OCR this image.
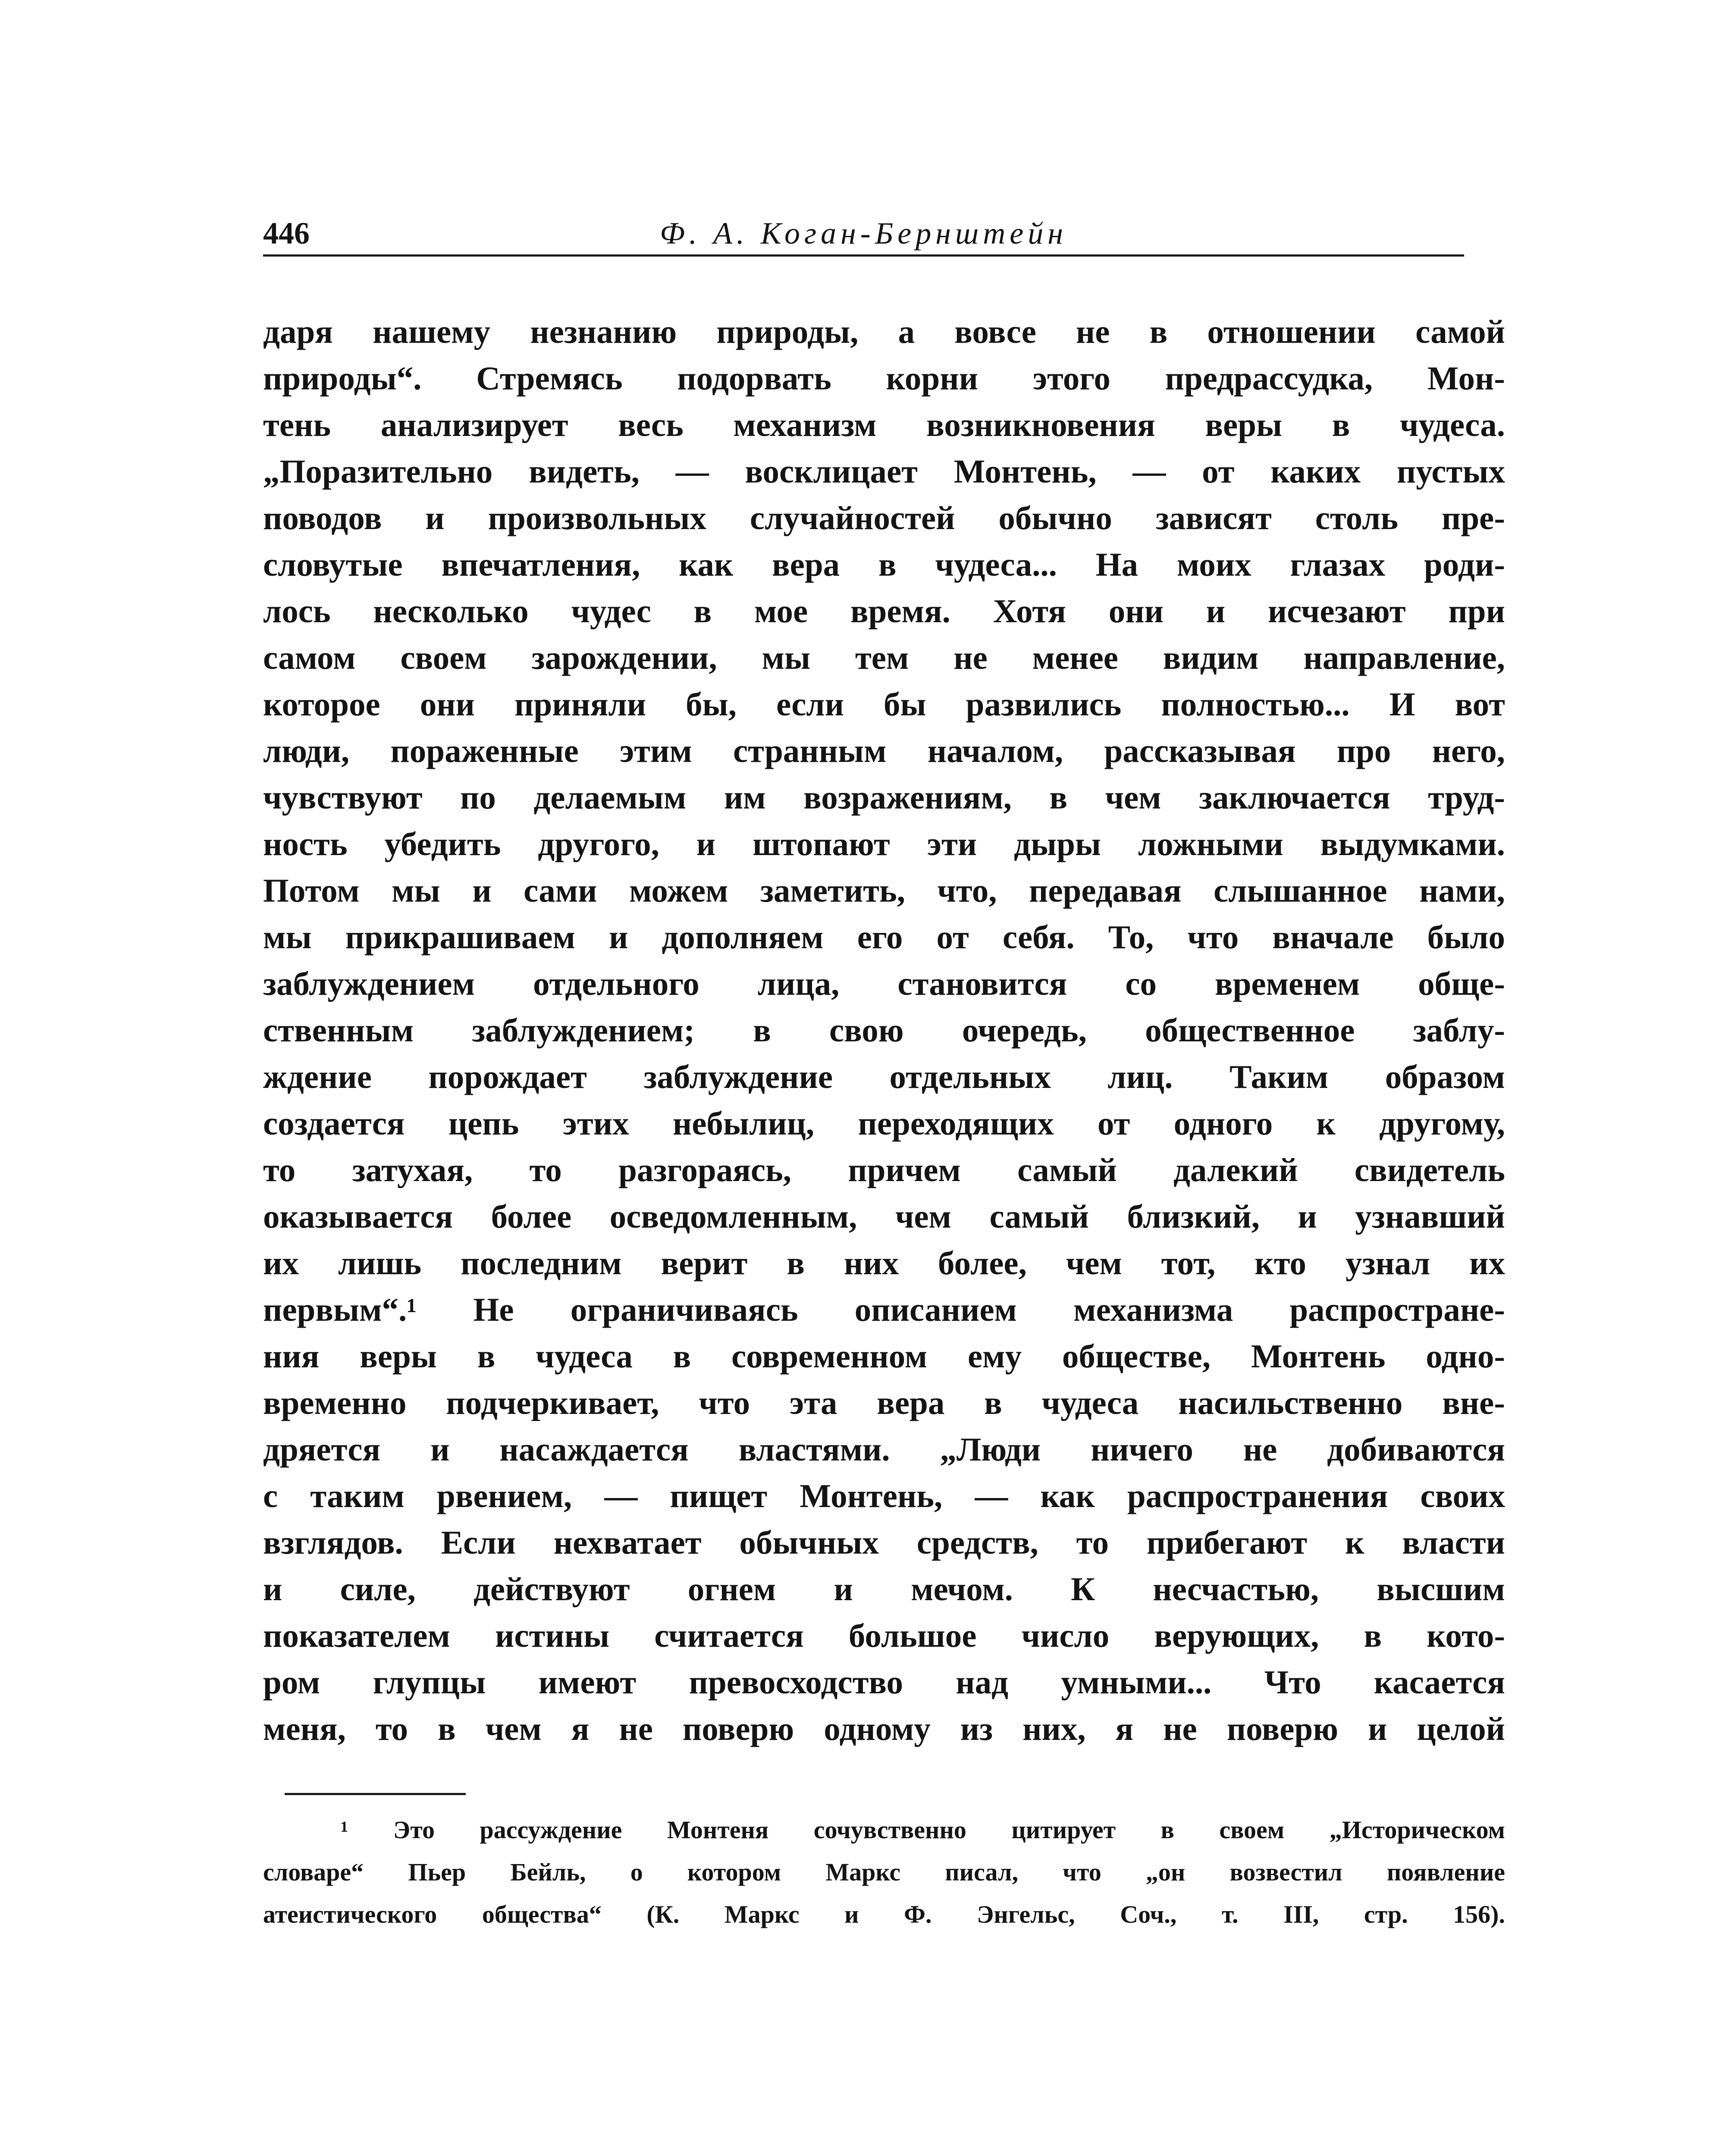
446	Ф. А. Коган-Бернштейн
даря нашему незнанию природы, а вовсе не в отношении самой
природы“. Стремясь подорвать корни этого предрассудка, Мон-
тень анализирует весь механизм возникновения веры в чудеса.
„Поразительно видеть, — восклицает Монтень, — от каких пустых
поводов и произвольных случайностей обычно зависят столь пре-
словутые впечатления, как вера в чудеса... На моих глазах роди-
лось несколько чудес в мое время. Хотя они и исчезают при
самом своем зарождении, мы тем не менее видим направление,
которое они приняли бы, если бы развились полностью... И вот
люди, пораженные этим странным началом, рассказывая про него,
чувствуют по делаемым им возражениям, в чем заключается труд-
ность убедить другого, и штопают эти дыры ложными выдумками.
Потом мы и сами можем заметить, что, передавая слышанное нами,
мы прикрашиваем и дополняем его от себя. То, что вначале было
заблуждением отдельного лица, становится со временем обще-
ственным заблуждением; в свою очередь, общественное заблу-
ждение порождает заблуждение отдельных лиц. Таким образом
создается цепь этих небылиц, переходящих от одного к другому,
то затухая, то разгораясь, причем самый далекий свидетель
оказывается более осведомленным, чем самый близкий, и узнавший
их лишь последним верит в них более, чем тот, кто узнал их
первым“.¹ Не ограничиваясь описанием механизма распростране-
ния веры в чудеса в современном ему обществе, Монтень одно-
временно подчеркивает, что эта вера в чудеса насильственно вне-
дряется и насаждается властями. „Люди ничего не добиваются
с таким рвением, — пищет Монтень, — как распространения своих
взглядов. Если нехватает обычных средств, то прибегают к власти
и силе, действуют огнем и мечом. К несчастью, высшим
показателем истины считается большое число верующих, в кото-
ром глупцы имеют превосходство над умными... Что касается
меня, то в чем я не поверю одному из них, я не поверю и целой
¹ Это рассуждение Монтеня сочувственно цитирует в своем „Историческом
словаре“ Пьер Бейль, о котором Маркс писал, что „он возвестил появление
атеистического общества“ (К. Маркс и Ф. Энгельс, Соч., т. III, стр. 156).
